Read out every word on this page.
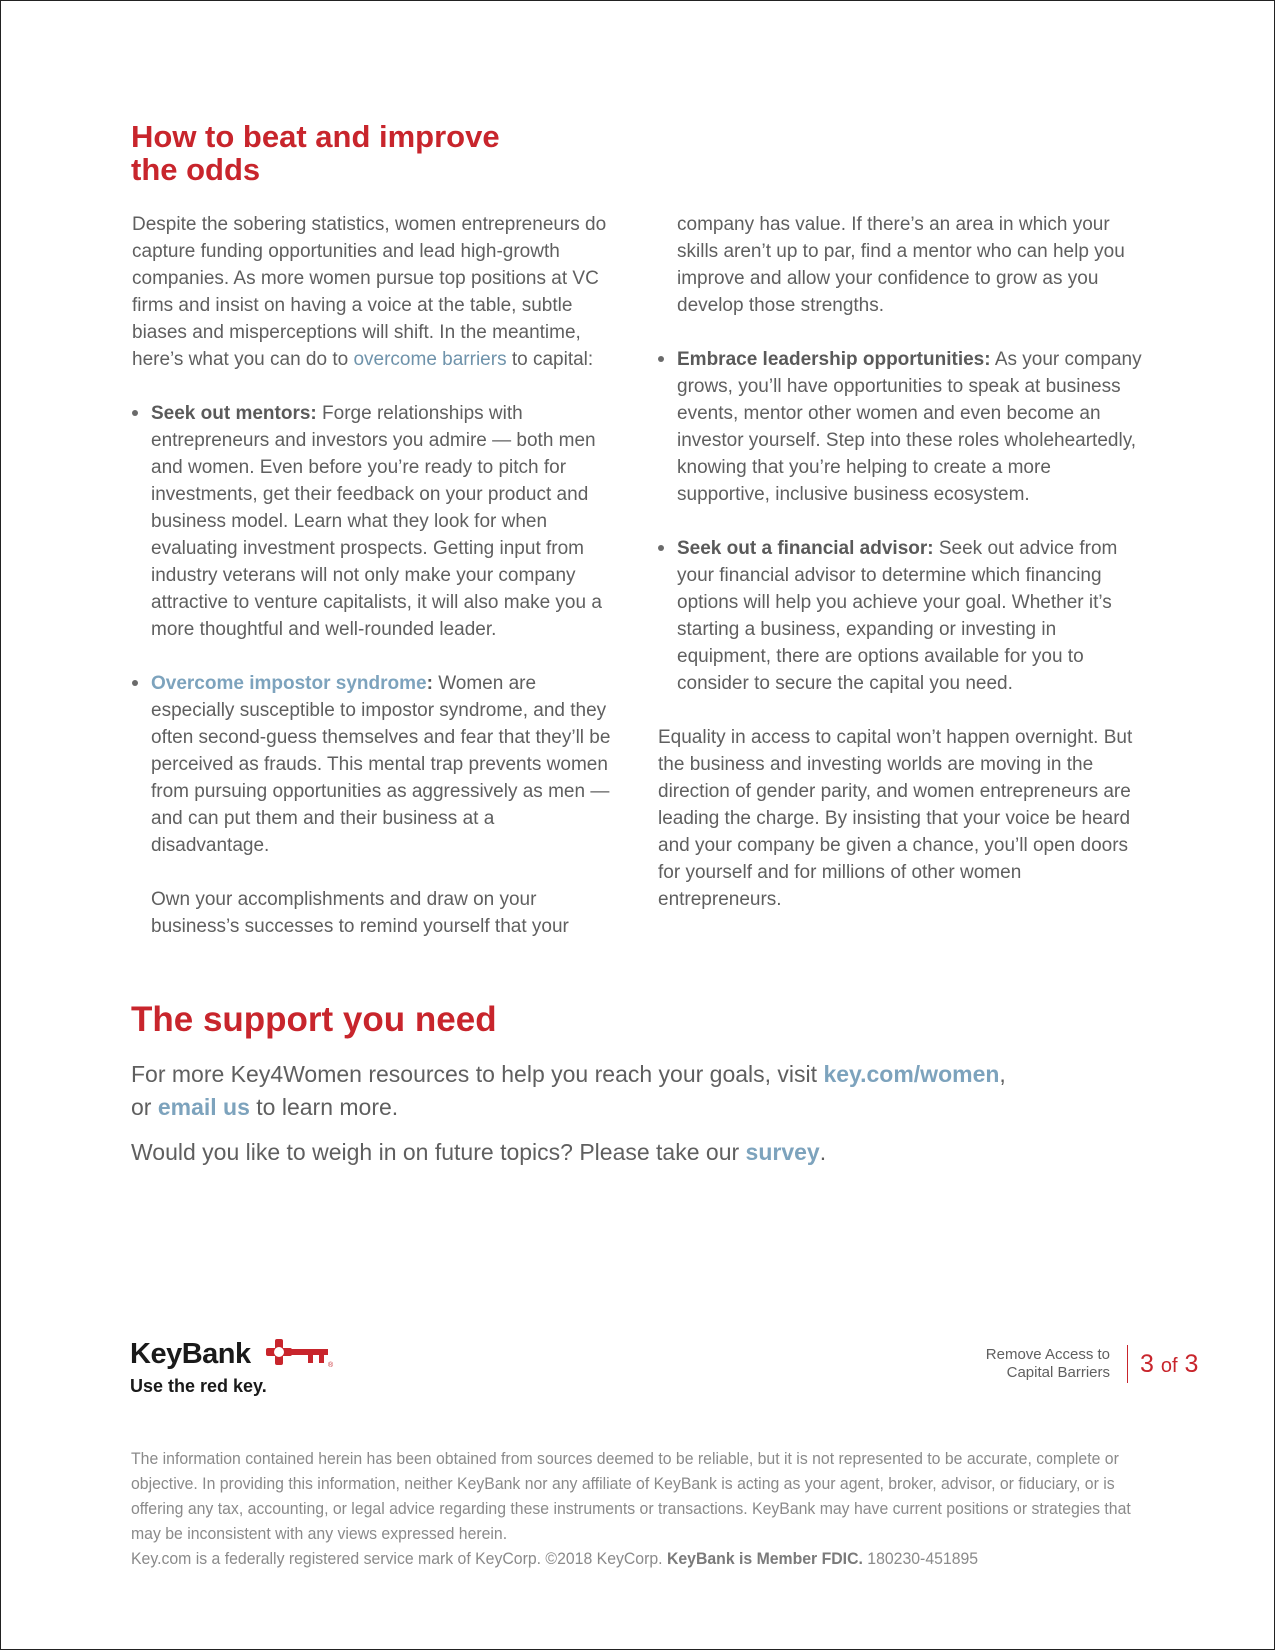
How to beat and improve
the odds

Despite the sobering statistics, women entrepreneurs do capture funding opportunities and lead high-growth companies. As more women pursue top positions at VC firms and insist on having a voice at the table, subtle biases and misperceptions will shift. In the meantime, here’s what you can do to overcome barriers to capital:

Seek out mentors: Forge relationships with entrepreneurs and investors you admire — both men and women. Even before you’re ready to pitch for investments, get their feedback on your product and business model. Learn what they look for when evaluating investment prospects. Getting input from industry veterans will not only make your company attractive to venture capitalists, it will also make you a more thoughtful and well-rounded leader.

Overcome impostor syndrome: Women are especially susceptible to impostor syndrome, and they often second-guess themselves and fear that they’ll be perceived as frauds. This mental trap prevents women from pursuing opportunities as aggressively as men — and can put them and their business at a disadvantage.

Own your accomplishments and draw on your business’s successes to remind yourself that your

company has value. If there’s an area in which your skills aren’t up to par, find a mentor who can help you improve and allow your confidence to grow as you develop those strengths.

Embrace leadership opportunities: As your company grows, you’ll have opportunities to speak at business events, mentor other women and even become an investor yourself. Step into these roles wholeheartedly, knowing that you’re helping to create a more supportive, inclusive business ecosystem.

Seek out a financial advisor: Seek out advice from your financial advisor to determine which financing options will help you achieve your goal. Whether it’s starting a business, expanding or investing in equipment, there are options available for you to consider to secure the capital you need.

Equality in access to capital won’t happen overnight. But the business and investing worlds are moving in the direction of gender parity, and women entrepreneurs are leading the charge. By insisting that your voice be heard and your company be given a chance, you’ll open doors for yourself and for millions of other women entrepreneurs.

The support you need

For more Key4Women resources to help you reach your goals, visit key.com/women,
or email us to learn more.

Would you like to weigh in on future topics? Please take our survey.

KeyBank	®
Use the red key.
Remove Access to
Capital Barriers 3 of 3

The information contained herein has been obtained from sources deemed to be reliable, but it is not represented to be accurate, complete or objective. In providing this information, neither KeyBank nor any affiliate of KeyBank is acting as your agent, broker, advisor, or fiduciary, or is offering any tax, accounting, or legal advice regarding these instruments or transactions. KeyBank may have current positions or strategies that may be inconsistent with any views expressed herein.

Key.com is a federally registered service mark of KeyCorp. ©2018 KeyCorp. KeyBank is Member FDIC. 180230-451895
